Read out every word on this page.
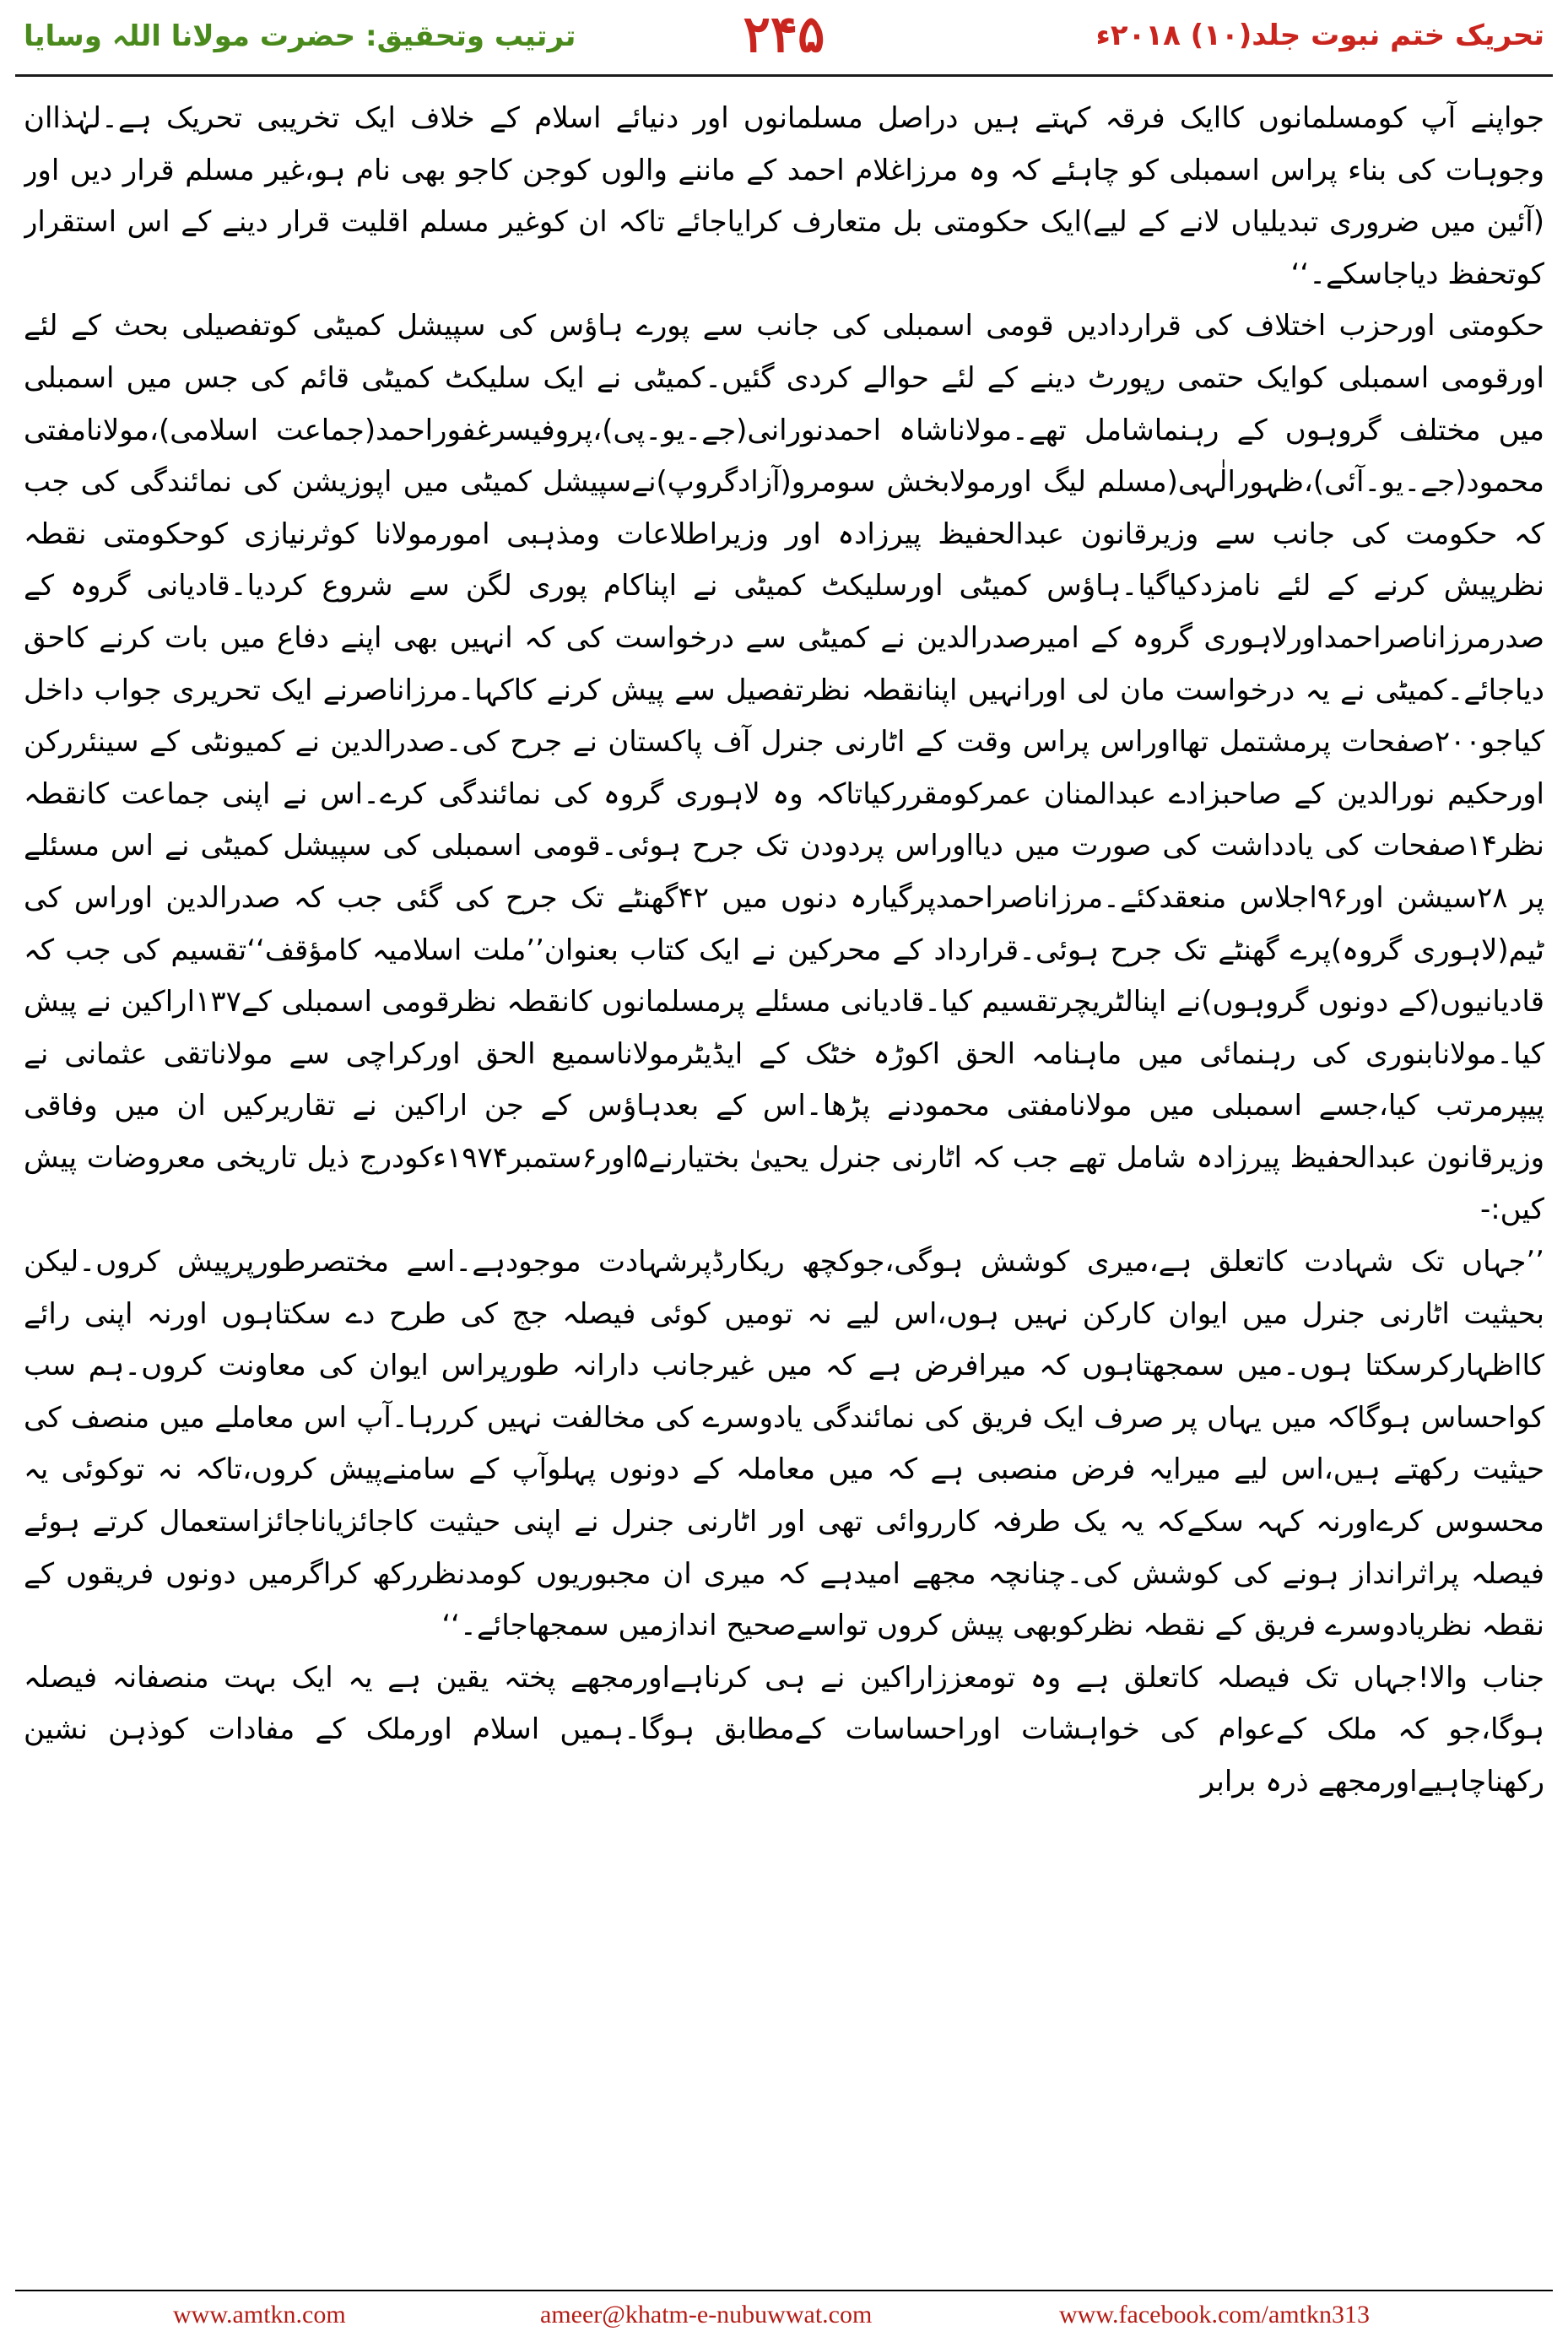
ترتیب وتحقیق: حضرت مولانا اللہ وسایا	۲۴۵	تحریک ختم نبوت جلد(۱۰) ۲۰۱۸ء

جواپنے آپ کومسلمانوں کاایک فرقہ کہتے ہیں دراصل مسلمانوں اور دنیائے اسلام کے خلاف ایک تخریبی تحریک ہے۔لہٰذاان وجوہات کی بناء پراس اسمبلی کو چاہئے کہ وہ مرزاغلام احمد کے ماننے والوں کوجن کاجو بھی نام ہو،غیر مسلم قرار دیں اور (آئین میں ضروری تبدیلیاں لانے کے لیے)ایک حکومتی بل متعارف کرایاجائے تاکہ ان کوغیر مسلم اقلیت قرار دینے کے اس استقرار کوتحفظ دیاجاسکے۔‘‘

حکومتی اورحزب اختلاف کی قراردادیں قومی اسمبلی کی جانب سے پورے ہاؤس کی سپیشل کمیٹی کوتفصیلی بحث کے لئے اورقومی اسمبلی کوایک حتمی رپورٹ دینے کے لئے حوالے کردی گئیں۔کمیٹی نے ایک سلیکٹ کمیٹی قائم کی جس میں اسمبلی میں مختلف گروہوں کے رہنماشامل تھے۔مولاناشاہ احمدنورانی(جے۔یو۔پی)،پروفیسرغفوراحمد(جماعت اسلامی)،مولانامفتی محمود(جے۔یو۔آئی)،ظہورالٰہی(مسلم لیگ اورمولابخش سومرو(آزادگروپ)نےسپیشل کمیٹی میں اپوزیشن کی نمائندگی کی جب کہ حکومت کی جانب سے وزیرقانون عبدالحفیظ پیرزادہ اور وزیراطلاعات ومذہبی امورمولانا کوثرنیازی کوحکومتی نقطہ نظرپیش کرنے کے لئے نامزدکیاگیا۔ہاؤس کمیٹی اورسلیکٹ کمیٹی نے اپناکام پوری لگن سے شروع کردیا۔قادیانی گروہ کے صدرمرزاناصراحمداورلاہوری گروہ کے امیرصدرالدین نے کمیٹی سے درخواست کی کہ انہیں بھی اپنے دفاع میں بات کرنے کاحق دیاجائے۔کمیٹی نے یہ درخواست مان لی اورانہیں اپنانقطہ نظرتفصیل سے پیش کرنے کاکہا۔مرزاناصرنے ایک تحریری جواب داخل کیاجو۲۰۰صفحات پرمشتمل تھااوراس پراس وقت کے اٹارنی جنرل آف پاکستان نے جرح کی۔صدرالدین نے کمیونٹی کے سینئررکن اورحکیم نورالدین کے صاحبزادے عبدالمنان عمرکومقررکیاتاکہ وہ لاہوری گروہ کی نمائندگی کرے۔اس نے اپنی جماعت کانقطہ نظر۱۴صفحات کی یادداشت کی صورت میں دیااوراس پردودن تک جرح ہوئی۔قومی اسمبلی کی سپیشل کمیٹی نے اس مسئلے پر ۲۸سیشن اور۹۶اجلاس منعقدکئے۔مرزاناصراحمدپرگیارہ دنوں میں ۴۲گھنٹے تک جرح کی گئی جب کہ صدرالدین اوراس کی ٹیم(لاہوری گروہ)پرے گھنٹے تک جرح ہوئی۔قرارداد کے محرکین نے ایک کتاب بعنوان’’ملت اسلامیہ کامؤقف‘‘تقسیم کی جب کہ قادیانیوں(کے دونوں گروہوں)نے اپنالٹریچرتقسیم کیا۔قادیانی مسئلے پرمسلمانوں کانقطہ نظرقومی اسمبلی کے۱۳۷اراکین نے پیش کیا۔مولانابنوری کی رہنمائی میں ماہنامہ الحق اکوڑہ خٹک کے ایڈیٹرمولاناسمیع الحق اورکراچی سے مولاناتقی عثمانی نے پیپرمرتب کیا،جسے اسمبلی میں مولانامفتی محمودنے پڑھا۔اس کے بعدہاؤس کے جن اراکین نے تقاریرکیں ان میں وفاقی وزیرقانون عبدالحفیظ پیرزادہ شامل تھے جب کہ اٹارنی جنرل یحییٰ بختیارنے۵اور۶ستمبر۱۹۷۴ءکودرج ذیل تاریخی معروضات پیش کیں:-

’’جہاں تک شہادت کاتعلق ہے،میری کوشش ہوگی،جوکچھ ریکارڈپرشہادت موجودہے۔اسے مختصرطورپرپیش کروں۔لیکن بحیثیت اٹارنی جنرل میں ایوان کارکن نہیں ہوں،اس لیے نہ تومیں کوئی فیصلہ جج کی طرح دے سکتاہوں اورنہ اپنی رائے کااظہارکرسکتا ہوں۔میں سمجھتاہوں کہ میرافرض ہے کہ میں غیرجانب دارانہ طورپراس ایوان کی معاونت کروں۔ہم سب کواحساس ہوگاکہ میں یہاں پر صرف ایک فریق کی نمائندگی یادوسرے کی مخالفت نہیں کررہا۔آپ اس معاملے میں منصف کی حیثیت رکھتے ہیں،اس لیے میرایہ فرض منصبی ہے کہ میں معاملہ کے دونوں پہلوآپ کے سامنےپیش کروں،تاکہ نہ توکوئی یہ محسوس کرےاورنہ کہہ سکےکہ یہ یک طرفہ کارروائی تھی اور اٹارنی جنرل نے اپنی حیثیت کاجائزیاناجائزاستعمال کرتے ہوئے فیصلہ پراثرانداز ہونے کی کوشش کی۔چنانچہ مجھے امیدہے کہ میری ان مجبوریوں کومدنظررکھ کراگرمیں دونوں فریقوں کے نقطہ نظریادوسرے فریق کے نقطہ نظرکوبھی پیش کروں تواسےصحیح اندازمیں سمجھاجائے۔‘‘

جناب والا!جہاں تک فیصلہ کاتعلق ہے وہ تومعززاراکین نے ہی کرناہےاورمجھے پختہ یقین ہے یہ ایک بہت منصفانہ فیصلہ ہوگا،جو کہ ملک کےعوام کی خواہشات اوراحساسات کےمطابق ہوگا۔ہمیں اسلام اورملک کے مفادات کوذہن نشین رکھناچاہیےاورمجھے ذرہ برابر

www.amtkn.com	ameer@khatm-e-nubuwwat.com	www.facebook.com/amtkn313
